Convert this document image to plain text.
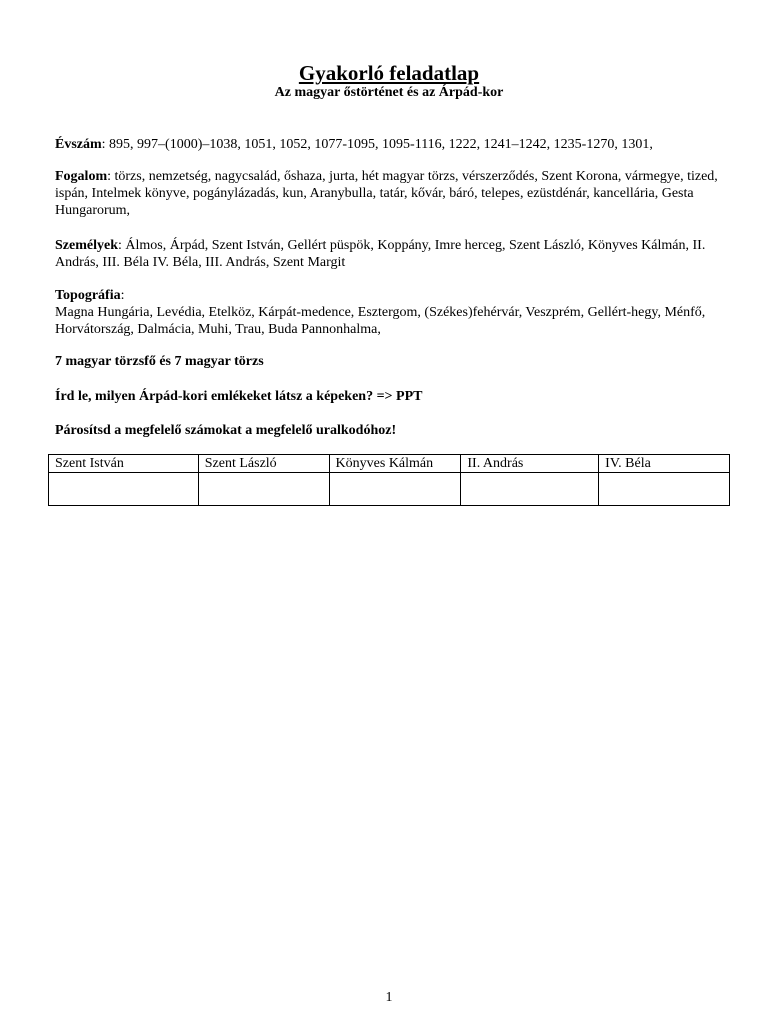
Gyakorló feladatlap
Az magyar őstörténet és az Árpád-kor
Évszám: 895, 997–(1000)–1038, 1051, 1052, 1077-1095, 1095-1116, 1222, 1241–1242, 1235-1270, 1301,
Fogalom: törzs, nemzetség, nagycsalád, őshaza, jurta, hét magyar törzs, vérszerződés, Szent Korona, vármegye, tized, ispán, Intelmek könyve, pogánylázadás, kun, Aranybulla, tatár, kővár, báró, telepes, ezüstdénár, kancellária, Gesta Hungarorum,
Személyek: Álmos, Árpád, Szent István, Gellért püspök, Koppány, Imre herceg, Szent László, Könyves Kálmán, II. András, III. Béla IV. Béla, III. András, Szent Margit
Topográfia:
Magna Hungária, Levédia, Etelköz, Kárpát-medence, Esztergom, (Székes)fehérvár, Veszprém, Gellért-hegy, Ménfő, Horvátország, Dalmácia, Muhi, Trau, Buda Pannonhalma,
7 magyar törzsfő és 7 magyar törzs
Írd le, milyen Árpád-kori emlékeket látsz a képeken? => PPT
Párosítsd a megfelelő számokat a megfelelő uralkodóhoz!
Szent István	Szent László	Könyves Kálmán	II. András	IV. Béla

1
